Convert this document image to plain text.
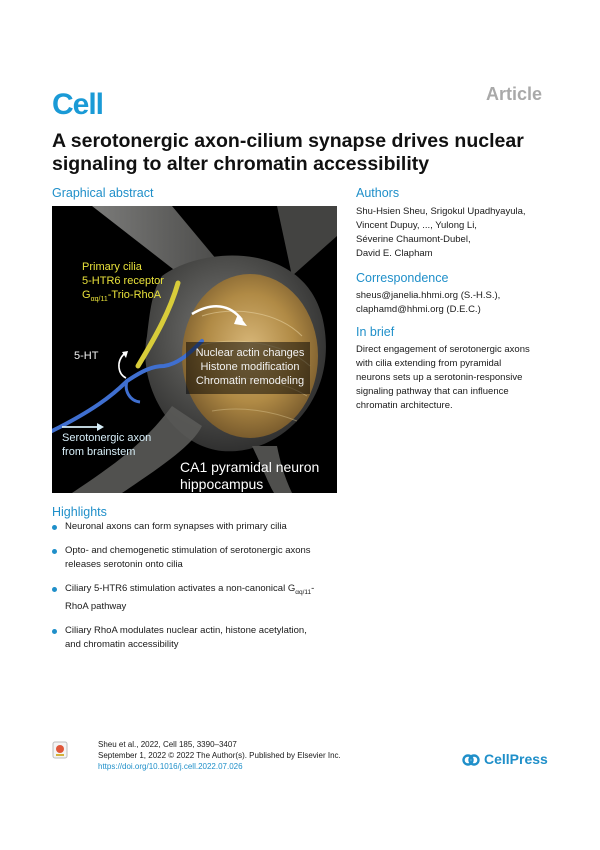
Cell	Article
A serotonergic axon-cilium synapse drives nuclear signaling to alter chromatin accessibility
Graphical abstract
Primary cilia
5-HTR6 receptor
$G_{\alpha q/11}-Trio$-RhoA
5-HT	Nuclear actin changes
Histone modification
Chromatin remodeling
Serotonergic axon
from brainstem
CA1 pyramidal neuron
hippocampus
Authors
Shu-Hsien Sheu, Srigokul Upadhyayula,
Vincent Dupuy, ..., Yulong Li,
Séverine Chaumont-Dubel,
David E. Clapham
Correspondence
sheus@janelia.hhmi.org (S.-H.S.),
claphamd@hhmi.org (D.E.C.)
In brief
Direct engagement of serotonergic axons
with cilia extending from pyramidal
neurons sets up a serotonin-responsive
signaling pathway that can influence
chromatin architecture.
Highlights
Neuronal axons can form synapses with primary cilia
Opto- and chemogenetic stimulation of serotonergic axons
releases serotonin onto cilia
Ciliary 5-HTR6 stimulation activates a non-canonical $G_{\alpha q/11}-$
RhoA pathway
Ciliary RhoA modulates nuclear actin, histone acetylation,
and chromatin accessibility
Sheu et al., 2022, Cell 185, 3390–3407
September 1, 2022 © 2022 The Author(s). Published by Elsevier Inc.
https://doi.org/10.1016/j.cell.2022.07.026	CellPress
